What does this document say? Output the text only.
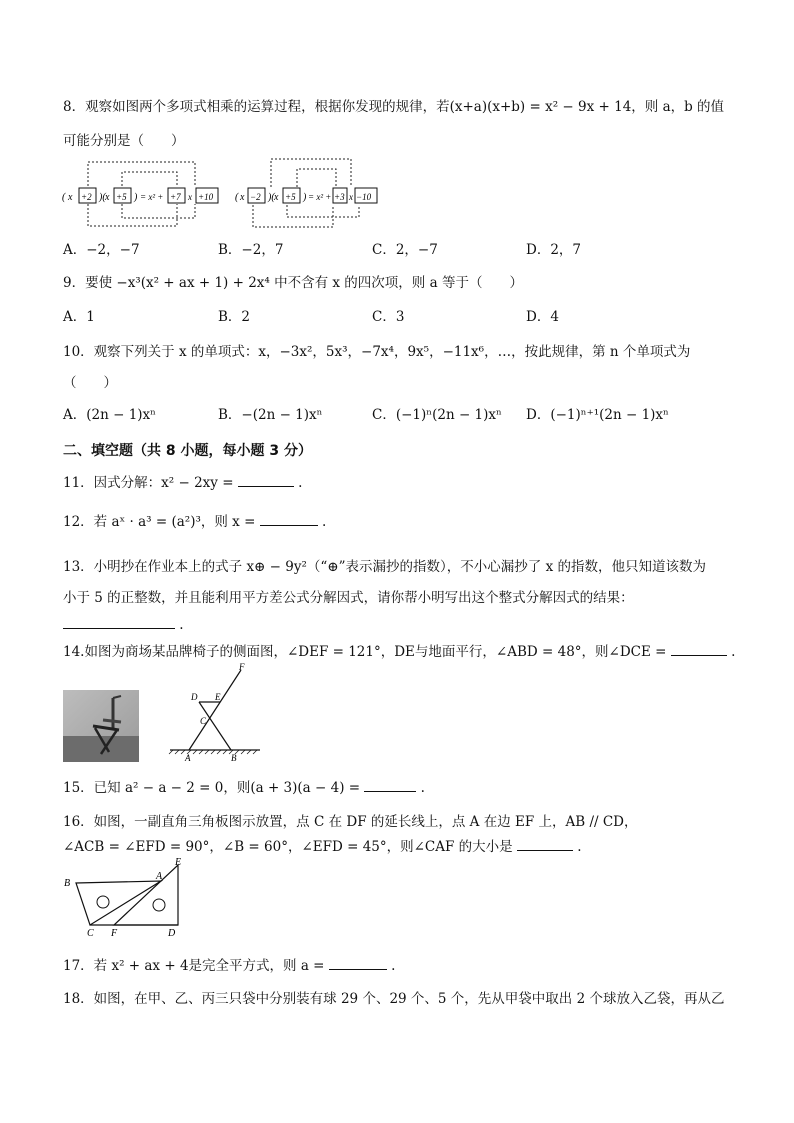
8．观察如图两个多项式相乘的运算过程，根据你发现的规律，若(x+a)(x+b) = x² − 9x + 14，则 a，b 的值
可能分别是（　　）
( x +2 )( x +5 ) = x² + +7 x +10 ( x −2 )( x +5 ) = x² + +3 x −10
A．−2，−7	B．−2，7	C．2，−7	D．2，7
9．要使 −x³(x² + ax + 1) + 2x⁴ 中不含有 x 的四次项，则 a 等于（　　）
A．1	B．2	C．3	D．4
10．观察下列关于 x 的单项式：x，−3x²，5x³，−7x⁴，9x⁵，−11x⁶，…，按此规律，第 n 个单项式为
（　　）
A．(2n − 1)xⁿ	B．−(2n − 1)xⁿ	C．(−1)ⁿ(2n − 1)xⁿ D．(−1)ⁿ⁺¹(2n − 1)xⁿ
二、填空题（共 8 小题，每小题 3 分）
11．因式分解：x² − 2xy =	.
12．若 aˣ · a³ = (a²)³，则 x =	.
13．小明抄在作业本上的式子 x⊕ − 9y²（“⊕”表示漏抄的指数），不小心漏抄了 x 的指数，他只知道该数为
小于 5 的正整数，并且能利用平方差公式分解因式，请你帮小明写出这个整式分解因式的结果：
.
14.如图为商场某品牌椅子的侧面图，∠DEF = 121°，DE与地面平行，∠ABD = 48°，则∠DCE =	.
F
D E
C
A	B
15．已知 a² − a − 2 = 0，则(a + 3)(a − 4) =	.
16．如图，一副直角三角板图示放置，点 C 在 DF 的延长线上，点 A 在边 EF 上，AB // CD，
∠ACB = ∠EFD = 90°，∠B = 60°，∠EFD = 45°，则∠CAF 的大小是	.
B
A
E
C F	D
17．若 x² + ax + 4是完全平方式，则 a =	.
18．如图，在甲、乙、丙三只袋中分别装有球 29 个、29 个、5 个，先从甲袋中取出 2 个球放入乙袋，再从乙
